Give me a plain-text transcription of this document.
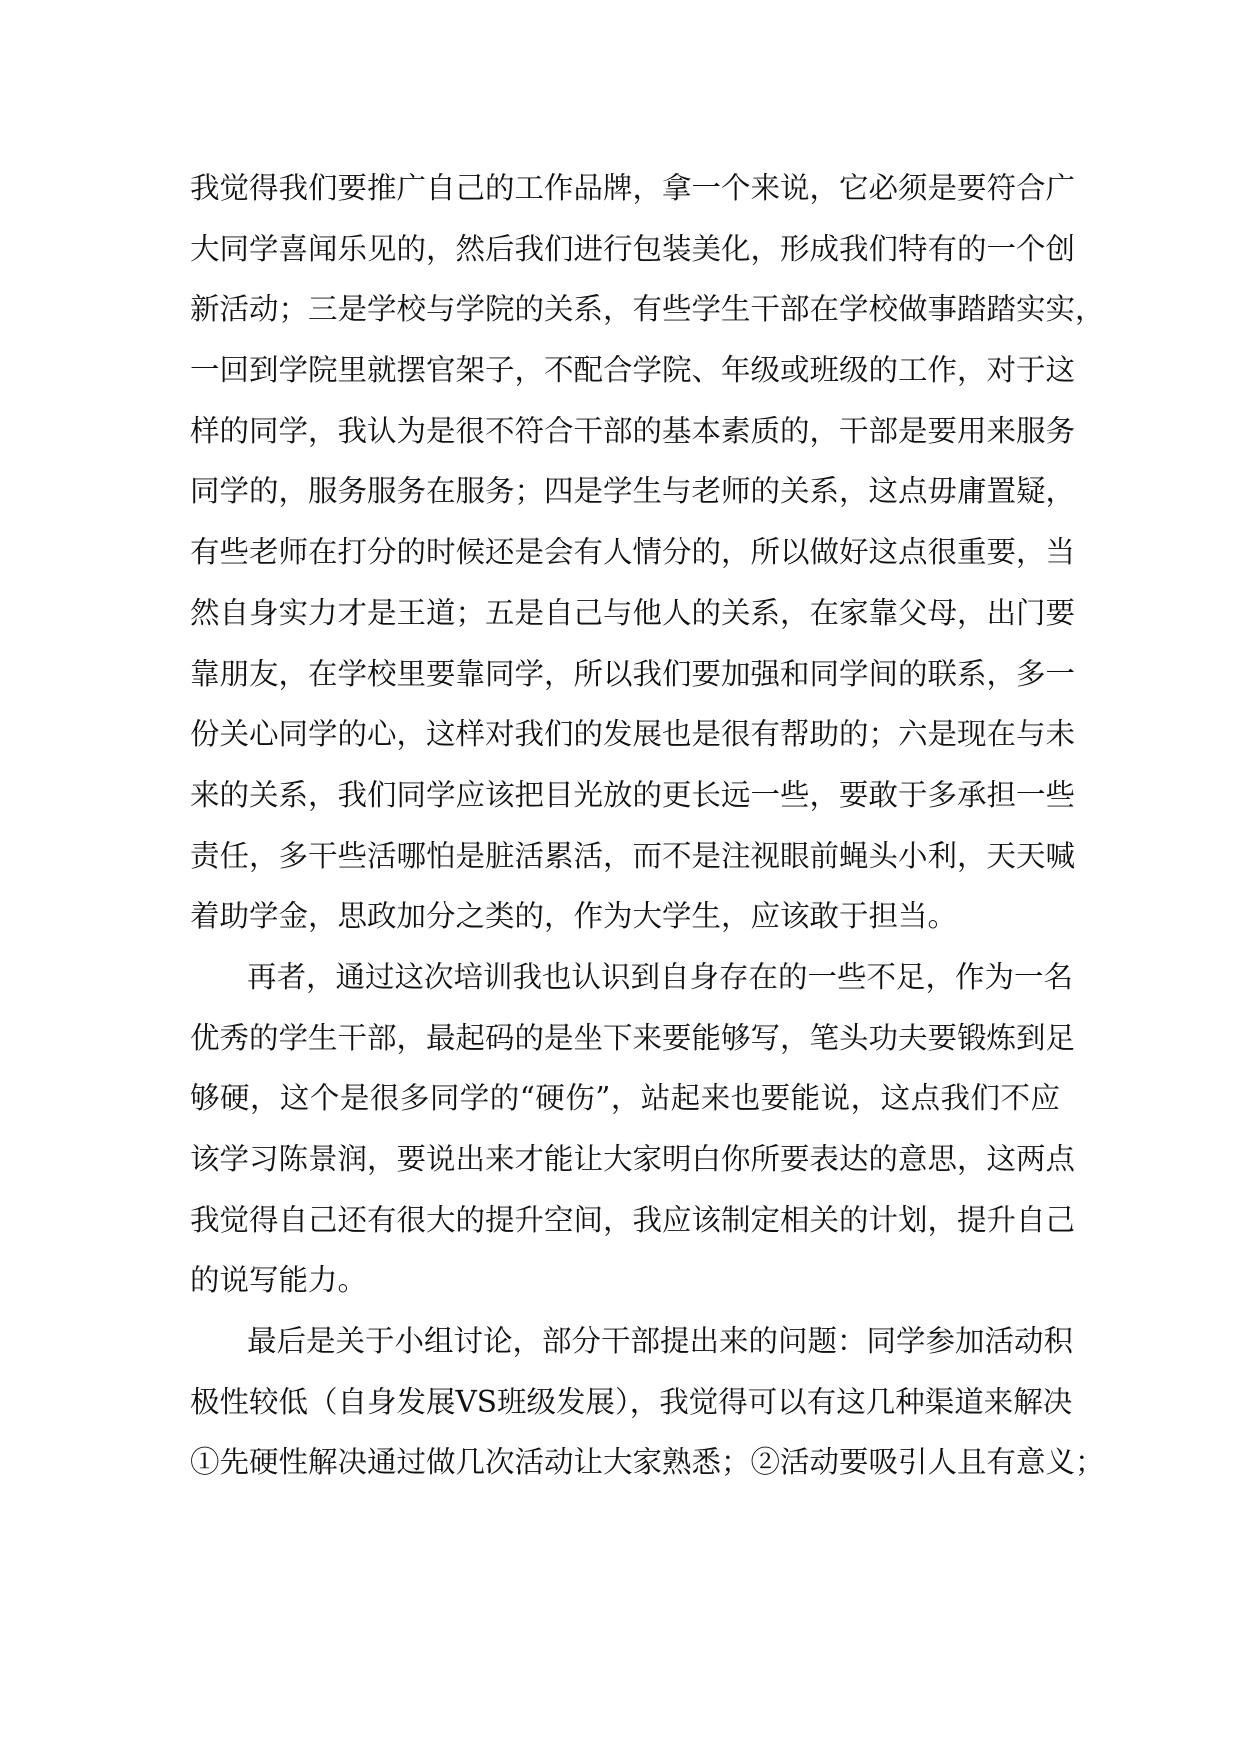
我觉得我们要推广自己的工作品牌，拿一个来说，它必须是要符合广
大同学喜闻乐见的，然后我们进行包装美化，形成我们特有的一个创
新活动；三是学校与学院的关系，有些学生干部在学校做事踏踏实实，
一回到学院里就摆官架子，不配合学院、年级或班级的工作，对于这
样的同学，我认为是很不符合干部的基本素质的，干部是要用来服务
同学的，服务服务在服务；四是学生与老师的关系，这点毋庸置疑，
有些老师在打分的时候还是会有人情分的，所以做好这点很重要，当
然自身实力才是王道；五是自己与他人的关系，在家靠父母，出门要
靠朋友，在学校里要靠同学，所以我们要加强和同学间的联系，多一
份关心同学的心，这样对我们的发展也是很有帮助的；六是现在与未
来的关系，我们同学应该把目光放的更长远一些，要敢于多承担一些
责任，多干些活哪怕是脏活累活，而不是注视眼前蝇头小利，天天喊
着助学金，思政加分之类的，作为大学生，应该敢于担当。
再者，通过这次培训我也认识到自身存在的一些不足，作为一名
优秀的学生干部，最起码的是坐下来要能够写，笔头功夫要锻炼到足
够硬，这个是很多同学的“硬伤”，站起来也要能说，这点我们不应
该学习陈景润，要说出来才能让大家明白你所要表达的意思，这两点
我觉得自己还有很大的提升空间，我应该制定相关的计划，提升自己
的说写能力。
最后是关于小组讨论，部分干部提出来的问题：同学参加活动积
极性较低（自身发展VS班级发展），我觉得可以有这几种渠道来解决
①先硬性解决通过做几次活动让大家熟悉；②活动要吸引人且有意义；
